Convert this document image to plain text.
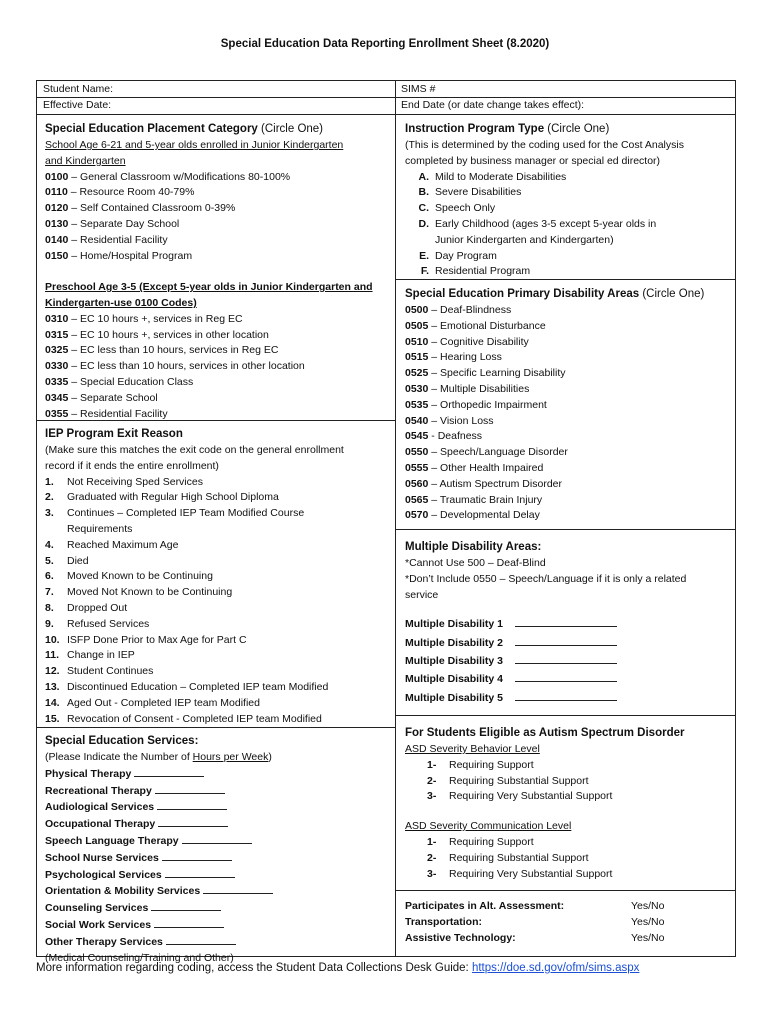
Special Education Data Reporting Enrollment Sheet (8.2020)
Student Name:
Effective Date:
SIMS #
End Date (or date change takes effect):
Special Education Placement Category (Circle One)
School Age 6-21 and 5-year olds enrolled in Junior Kindergarten
and Kindergarten
0100 – General Classroom w/Modifications 80-100%
0110 – Resource Room 40-79%
0120 – Self Contained Classroom 0-39%
0130 – Separate Day School
0140 – Residential Facility
0150 – Home/Hospital Program

Preschool Age 3-5 (Except 5-year olds in Junior Kindergarten and
Kindergarten-use 0100 Codes)
0310 – EC 10 hours +, services in Reg EC
0315 – EC 10 hours +, services in other location
0325 – EC less than 10 hours, services in Reg EC
0330 – EC less than 10 hours, services in other location
0335 – Special Education Class
0345 – Separate School
0355 – Residential Facility
IEP Program Exit Reason
(Make sure this matches the exit code on the general enrollment
record if it ends the entire enrollment)
1. Not Receiving Sped Services
2. Graduated with Regular High School Diploma
3. Continues – Completed IEP Team Modified Course
Requirements
4. Reached Maximum Age
5. Died
6. Moved Known to be Continuing
7. Moved Not Known to be Continuing
8. Dropped Out
9. Refused Services
10. ISFP Done Prior to Max Age for Part C
11. Change in IEP
12. Student Continues
13. Discontinued Education – Completed IEP team Modified
14. Aged Out - Completed IEP team Modified
15. Revocation of Consent - Completed IEP team Modified
Special Education Services:
(Please Indicate the Number of Hours per Week)
Physical Therapy
Recreational Therapy
Audiological Services
Occupational Therapy
Speech Language Therapy
School Nurse Services
Psychological Services
Orientation & Mobility Services
Counseling Services
Social Work Services
Other Therapy Services
(Medical Counseling/Training and Other)
Instruction Program Type (Circle One)
(This is determined by the coding used for the Cost Analysis
completed by business manager or special ed director)
A. Mild to Moderate Disabilities
B. Severe Disabilities
C. Speech Only
D. Early Childhood (ages 3-5 except 5-year olds in
Junior Kindergarten and Kindergarten)
E. Day Program
F. Residential Program
Special Education Primary Disability Areas (Circle One)
0500 – Deaf-Blindness
0505 – Emotional Disturbance
0510 – Cognitive Disability
0515 – Hearing Loss
0525 – Specific Learning Disability
0530 – Multiple Disabilities
0535 – Orthopedic Impairment
0540 – Vision Loss
0545 - Deafness
0550 – Speech/Language Disorder
0555 – Other Health Impaired
0560 – Autism Spectrum Disorder
0565 – Traumatic Brain Injury
0570 – Developmental Delay
Multiple Disability Areas:
*Cannot Use 500 – Deaf-Blind
*Don’t Include 0550 – Speech/Language if it is only a related
service
Multiple Disability 1
Multiple Disability 2
Multiple Disability 3
Multiple Disability 4
Multiple Disability 5
For Students Eligible as Autism Spectrum Disorder
ASD Severity Behavior Level
1- Requiring Support
2- Requiring Substantial Support
3- Requiring Very Substantial Support

ASD Severity Communication Level
1- Requiring Support
2- Requiring Substantial Support
3- Requiring Very Substantial Support
Participates in Alt. Assessment:	Yes/No
Transportation:	Yes/No
Assistive Technology:	Yes/No
More information regarding coding, access the Student Data Collections Desk Guide: https://doe.sd.gov/ofm/sims.aspx
